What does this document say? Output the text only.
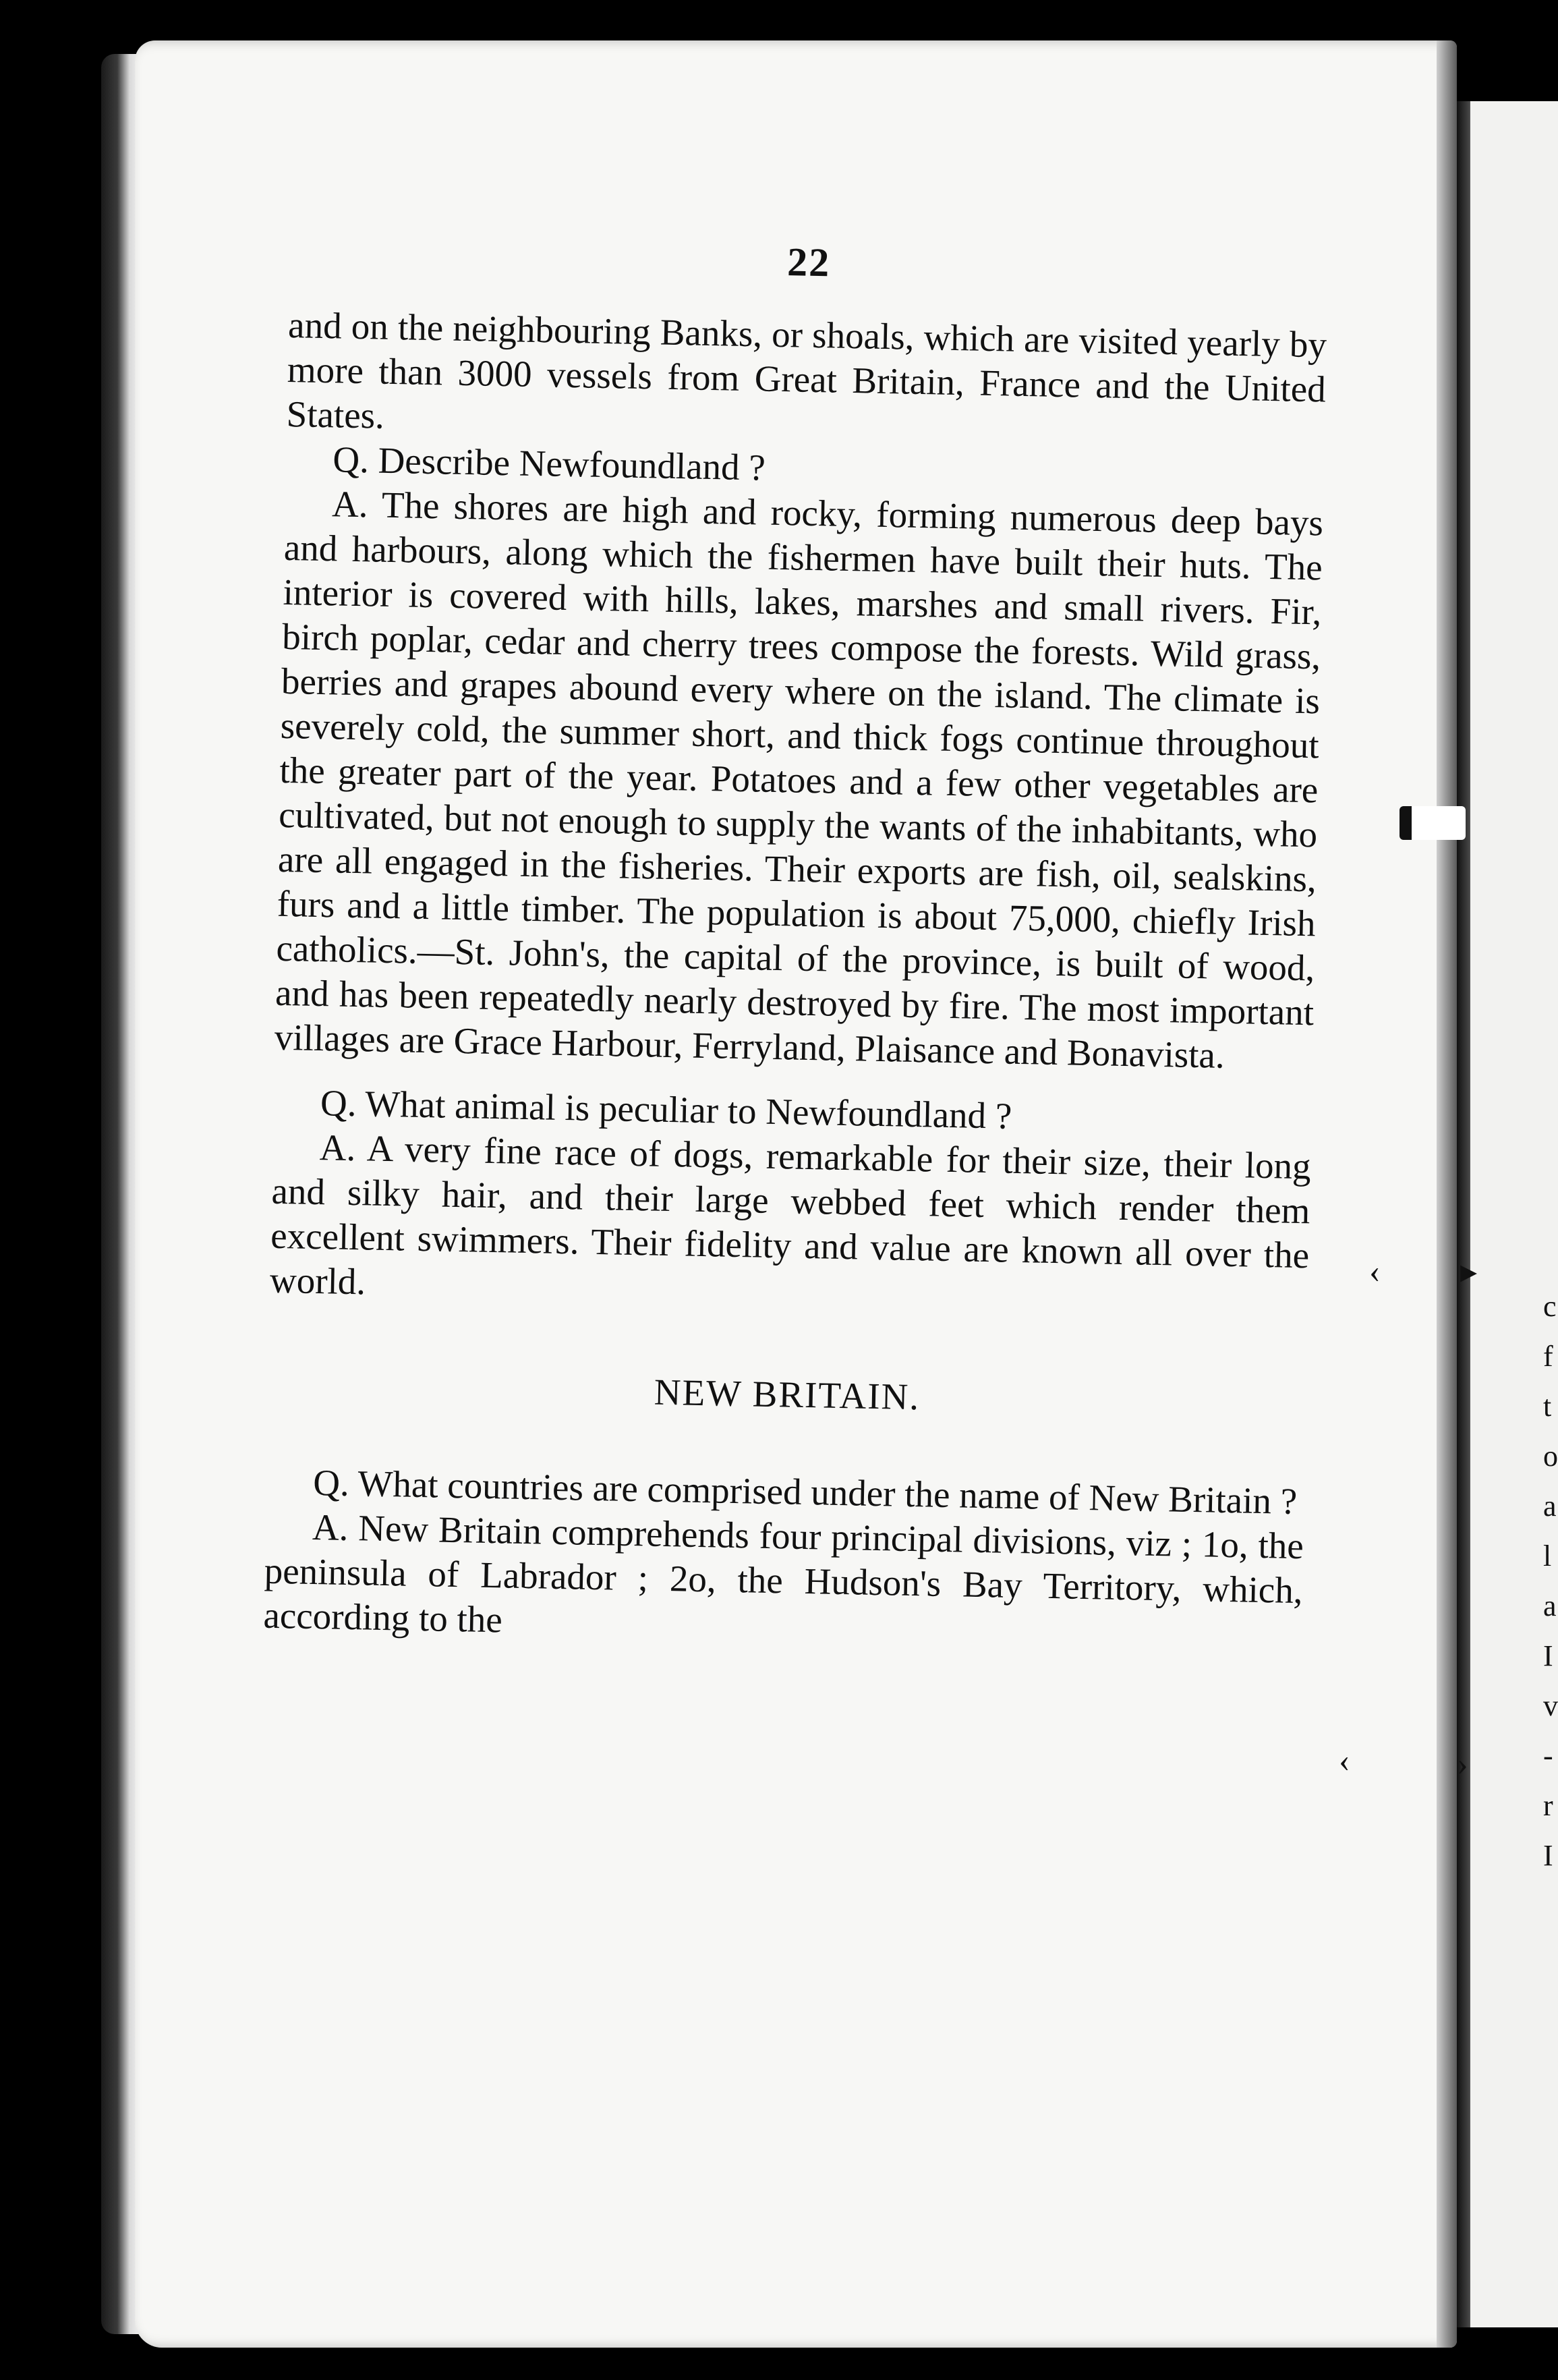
c
f
t
o
a
l
a
I
v
-
r
I
‹ ▸
‹	›
22

and on the neighbouring Banks, or shoals, which are visited yearly by more than 3000 vessels from Great Britain, France and the United States.

Q. Describe Newfoundland ?

A. The shores are high and rocky, forming numerous deep bays and harbours, along which the fishermen have built their huts. The interior is covered with hills, lakes, marshes and small rivers. Fir, birch poplar, cedar and cherry trees compose the forests. Wild grass, berries and grapes abound every where on the island. The climate is severely cold, the summer short, and thick fogs continue throughout the greater part of the year. Potatoes and a few other vegetables are cultivated, but not enough to supply the wants of the inhabitants, who are all engaged in the fisheries. Their exports are fish, oil, sealskins, furs and a little timber. The population is about 75,000, chiefly Irish catholics.—St. John's, the capital of the province, is built of wood, and has been repeatedly nearly destroyed by fire. The most important villages are Grace Harbour, Ferryland, Plaisance and Bonavista.

Q. What animal is peculiar to Newfoundland ?

A. A very fine race of dogs, remarkable for their size, their long and silky hair, and their large webbed feet which render them excellent swimmers. Their fidelity and value are known all over the world.

NEW BRITAIN.

Q. What countries are comprised under the name of New Britain ?

A. New Britain comprehends four principal divisions, viz ; 1o, the peninsula of Labrador ; 2o, the Hudson's Bay Territory, which, according to the
